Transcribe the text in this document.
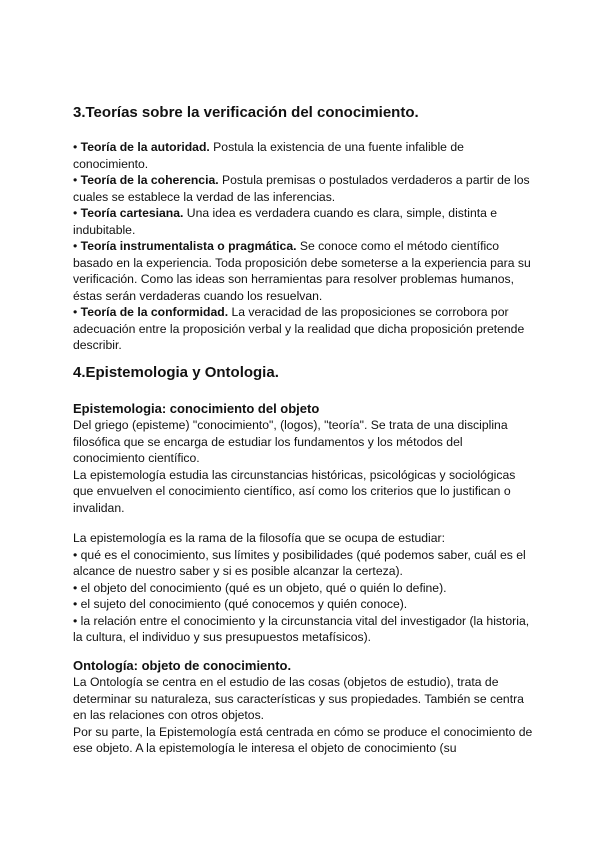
3.Teorías sobre la verificación del conocimiento.

• Teoría de la autoridad. Postula la existencia de una fuente infalible de conocimiento.

• Teoría de la coherencia. Postula premisas o postulados verdaderos a partir de los cuales se establece la verdad de las inferencias.

• Teoría cartesiana. Una idea es verdadera cuando es clara, simple, distinta e indubitable.

• Teoría instrumentalista o pragmática. Se conoce como el método científico basado en la experiencia. Toda proposición debe someterse a la experiencia para su verificación. Como las ideas son herramientas para resolver problemas humanos, éstas serán verdaderas cuando los resuelvan.

• Teoría de la conformidad. La veracidad de las proposiciones se corrobora por adecuación entre la proposición verbal y la realidad que dicha proposición pretende describir.

4.Epistemologia y Ontologia.
Epistemologia: conocimiento del objeto

Del griego (episteme) "conocimiento", (logos), "teoría". Se trata de una disciplina filosófica que se encarga de estudiar los fundamentos y los métodos del conocimiento científico.

La epistemología estudia las circunstancias históricas, psicológicas y sociológicas que envuelven el conocimiento científico, así como los criterios que lo justifican o invalidan.

La epistemología es la rama de la filosofía que se ocupa de estudiar:

• qué es el conocimiento, sus límites y posibilidades (qué podemos saber, cuál es el alcance de nuestro saber y si es posible alcanzar la certeza).

• el objeto del conocimiento (qué es un objeto, qué o quién lo define).

• el sujeto del conocimiento (qué conocemos y quién conoce).

• la relación entre el conocimiento y la circunstancia vital del investigador (la historia, la cultura, el individuo y sus presupuestos metafísicos).

Ontología: objeto de conocimiento.

La Ontología se centra en el estudio de las cosas (objetos de estudio), trata de determinar su naturaleza, sus características y sus propiedades. También se centra en las relaciones con otros objetos.

Por su parte, la Epistemología está centrada en cómo se produce el conocimiento de ese objeto. A la epistemología le interesa el objeto de conocimiento (su
